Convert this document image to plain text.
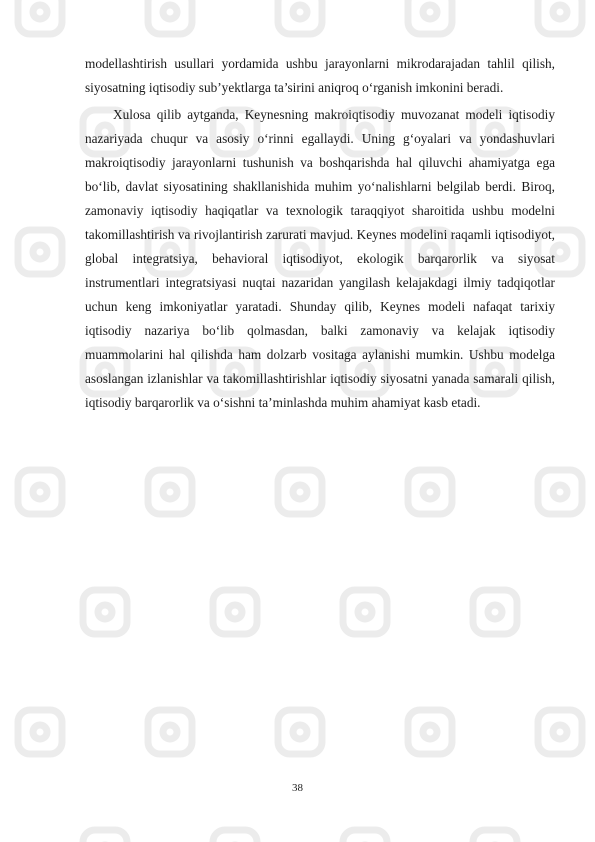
modellashtirish usullari yordamida ushbu jarayonlarni mikrodarajadan tahlil qilish, siyosatning iqtisodiy sub’yektlarga ta’sirini aniqroq o‘rganish imkonini beradi.

Xulosa qilib aytganda, Keynesning makroiqtisodiy muvozanat modeli iqtisodiy nazariyada chuqur va asosiy o‘rinni egallaydi. Uning g‘oyalari va yondashuvlari makroiqtisodiy jarayonlarni tushunish va boshqarishda hal qiluvchi ahamiyatga ega bo‘lib, davlat siyosatining shakllanishida muhim yo‘nalishlarni belgilab berdi. Biroq, zamonaviy iqtisodiy haqiqatlar va texnologik taraqqiyot sharoitida ushbu modelni takomillashtirish va rivojlantirish zarurati mavjud. Keynes modelini raqamli iqtisodiyot, global integratsiya, behavioral iqtisodiyot, ekologik barqarorlik va siyosat instrumentlari integratsiyasi nuqtai nazaridan yangilash kelajakdagi ilmiy tadqiqotlar uchun keng imkoniyatlar yaratadi. Shunday qilib, Keynes modeli nafaqat tarixiy iqtisodiy nazariya bo‘lib qolmasdan, balki zamonaviy va kelajak iqtisodiy muammolarini hal qilishda ham dolzarb vositaga aylanishi mumkin. Ushbu modelga asoslangan izlanishlar va takomillashtirishlar iqtisodiy siyosatni yanada samarali qilish, iqtisodiy barqarorlik va o‘sishni ta’minlashda muhim ahamiyat kasb etadi.

38
